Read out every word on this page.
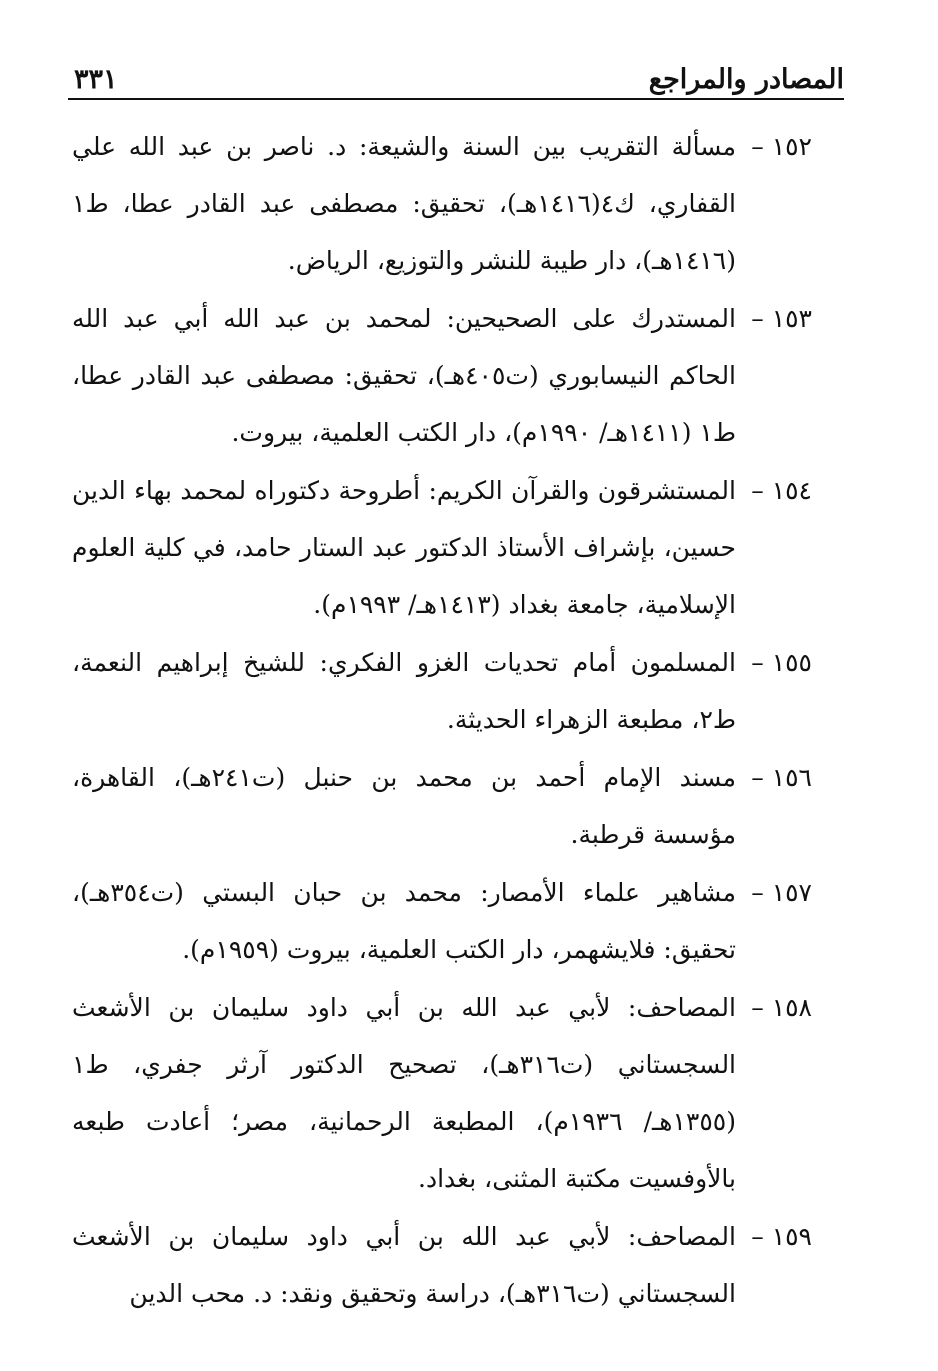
المصادر والمراجع
٣٣١
١٥٢ –
مسألة التقريب بين السنة والشيعة: د. ناصر بن عبد الله علي القفاري، ك٤(١٤١٦هـ)، تحقيق: مصطفى عبد القادر عطا، ط١ (١٤١٦هـ)، دار طيبة للنشر والتوزيع، الرياض.
١٥٣ –
المستدرك على الصحيحين: لمحمد بن عبد الله أبي عبد الله الحاكم النيسابوري (ت٤٠٥هـ)، تحقيق: مصطفى عبد القادر عطا، ط١ (١٤١١هـ/ ١٩٩٠م)، دار الكتب العلمية، بيروت.
١٥٤ –
المستشرقون والقرآن الكريم: أطروحة دكتوراه لمحمد بهاء الدين حسين، بإشراف الأستاذ الدكتور عبد الستار حامد، في كلية العلوم الإسلامية، جامعة بغداد (١٤١٣هـ/ ١٩٩٣م).
١٥٥ –
المسلمون أمام تحديات الغزو الفكري: للشيخ إبراهيم النعمة، ط٢، مطبعة الزهراء الحديثة.
١٥٦ –
مسند الإمام أحمد بن محمد بن حنبل (ت٢٤١هـ)، القاهرة، مؤسسة قرطبة.
١٥٧ –
مشاهير علماء الأمصار: محمد بن حبان البستي (ت٣٥٤هـ)، تحقيق: فلايشهمر، دار الكتب العلمية، بيروت (١٩٥٩م).
١٥٨ –
المصاحف: لأبي عبد الله بن أبي داود سليمان بن الأشعث السجستاني (ت٣١٦هـ)، تصحيح الدكتور آرثر جفري، ط١ (١٣٥٥هـ/ ١٩٣٦م)، المطبعة الرحمانية، مصر؛ أعادت طبعه بالأوفسيت مكتبة المثنى، بغداد.
١٥٩ –
المصاحف: لأبي عبد الله بن أبي داود سليمان بن الأشعث السجستاني (ت٣١٦هـ)، دراسة وتحقيق ونقد: د. محب الدين
